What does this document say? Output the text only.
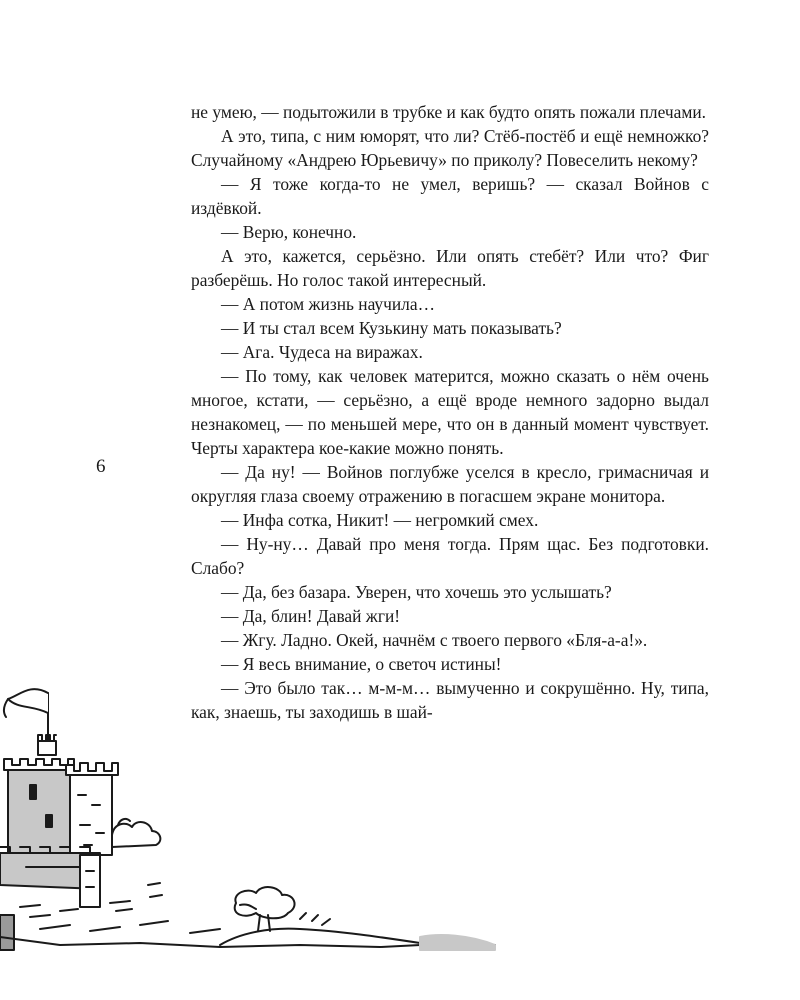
6

не умею, — подытожили в трубке и как будто опять пожали плечами.

А это, типа, с ним юморят, что ли? Стёб-постёб и ещё немножко? Случайному «Андрею Юрьевичу» по приколу? Повеселить некому?

— Я тоже когда-то не умел, веришь? — сказал Войнов с издёвкой.

— Верю, конечно.

А это, кажется, серьёзно. Или опять стебёт? Или что? Фиг разберёшь. Но голос такой интересный.

— А потом жизнь научила…

— И ты стал всем Кузькину мать показывать?

— Ага. Чудеса на виражах.

— По тому, как человек матерится, можно сказать о нём очень многое, кстати, — серьёзно, а ещё вроде немного задорно выдал незнакомец, — по меньшей мере, что он в данный момент чувствует. Черты характера кое-какие можно понять.

— Да ну! — Войнов поглубже уселся в кресло, гримасничая и округляя глаза своему отражению в погасшем экране монитора.

— Инфа сотка, Никит! — негромкий смех.

— Ну-ну… Давай про меня тогда. Прям щас. Без подготовки. Слабо?

— Да, без базара. Уверен, что хочешь это услышать?

— Да, блин! Давай жги!

— Жгу. Ладно. Окей, начнём с твоего первого «Бля-а-а!».

— Я весь внимание, о светоч истины!

— Это было так… м-м-м… вымученно и сокрушённо. Ну, типа, как, знаешь, ты заходишь в шай-
